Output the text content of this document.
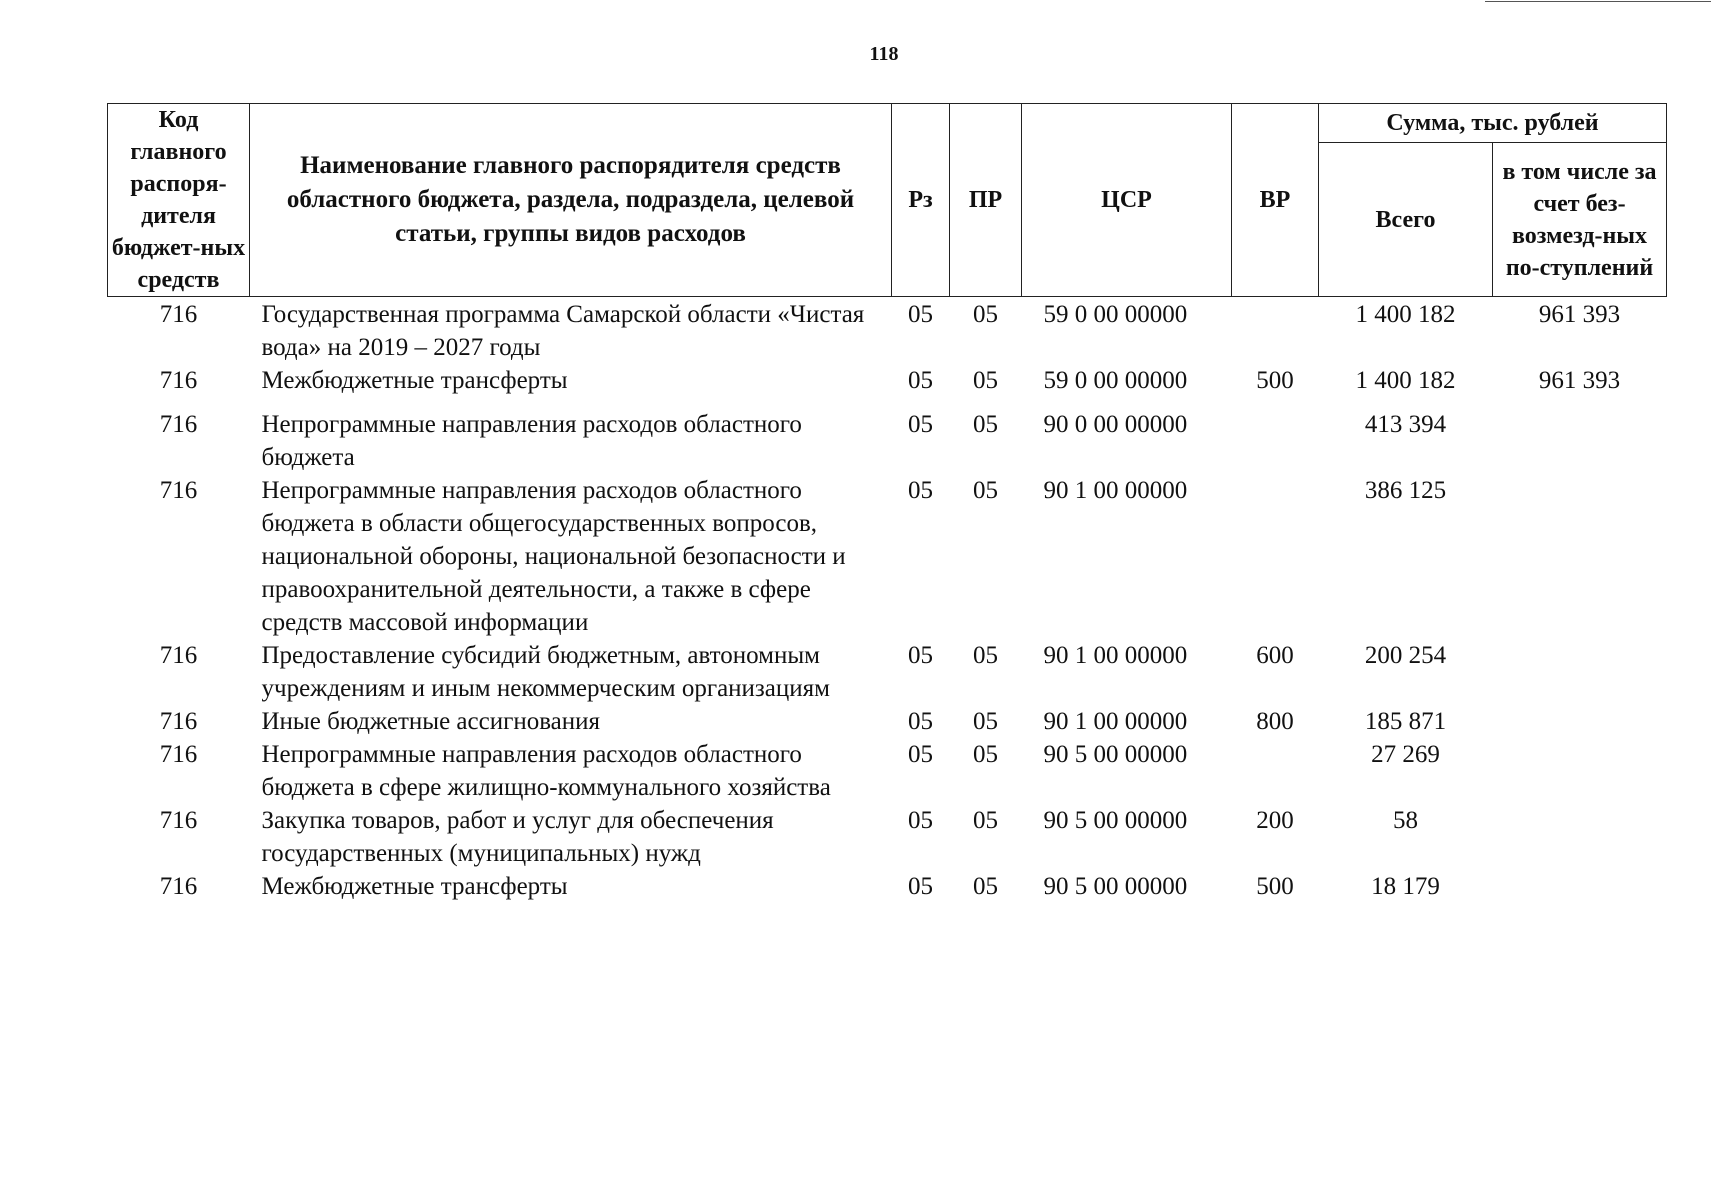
118
Код главного распоря-дителя бюджет-ных средств	Наименование главного распорядителя средств областного бюджета, раздела, подраздела, целевой статьи, группы видов расходов	Рз	ПР	ЦСР	ВР	Сумма, тыс. рублей	
						Всего	в том числе за счет без-возмезд-ных по-ступлений
716	Государственная программа Самарской области «Чистая вода» на 2019 – 2027 годы	05	05	59 0 00 00000		1 400 182	961 393
716	Межбюджетные трансферты	05	05	59 0 00 00000	500	1 400 182	961 393
716	Непрограммные направления расходов областного бюджета	05	05	90 0 00 00000		413 394	
716	Непрограммные направления расходов областного бюджета в области общегосударственных вопросов, национальной обороны, национальной безопасности и правоохранительной деятельности, а также в сфере средств массовой информации	05	05	90 1 00 00000		386 125	
716	Предоставление субсидий бюджетным, автономным учреждениям и иным некоммерческим организациям	05	05	90 1 00 00000	600	200 254	
716	Иные бюджетные ассигнования	05	05	90 1 00 00000	800	185 871	
716	Непрограммные направления расходов областного бюджета в сфере жилищно-коммунального хозяйства	05	05	90 5 00 00000		27 269	
716	Закупка товаров, работ и услуг для обеспечения государственных (муниципальных) нужд	05	05	90 5 00 00000	200	58	
716	Межбюджетные трансферты	05	05	90 5 00 00000	500	18 179	
